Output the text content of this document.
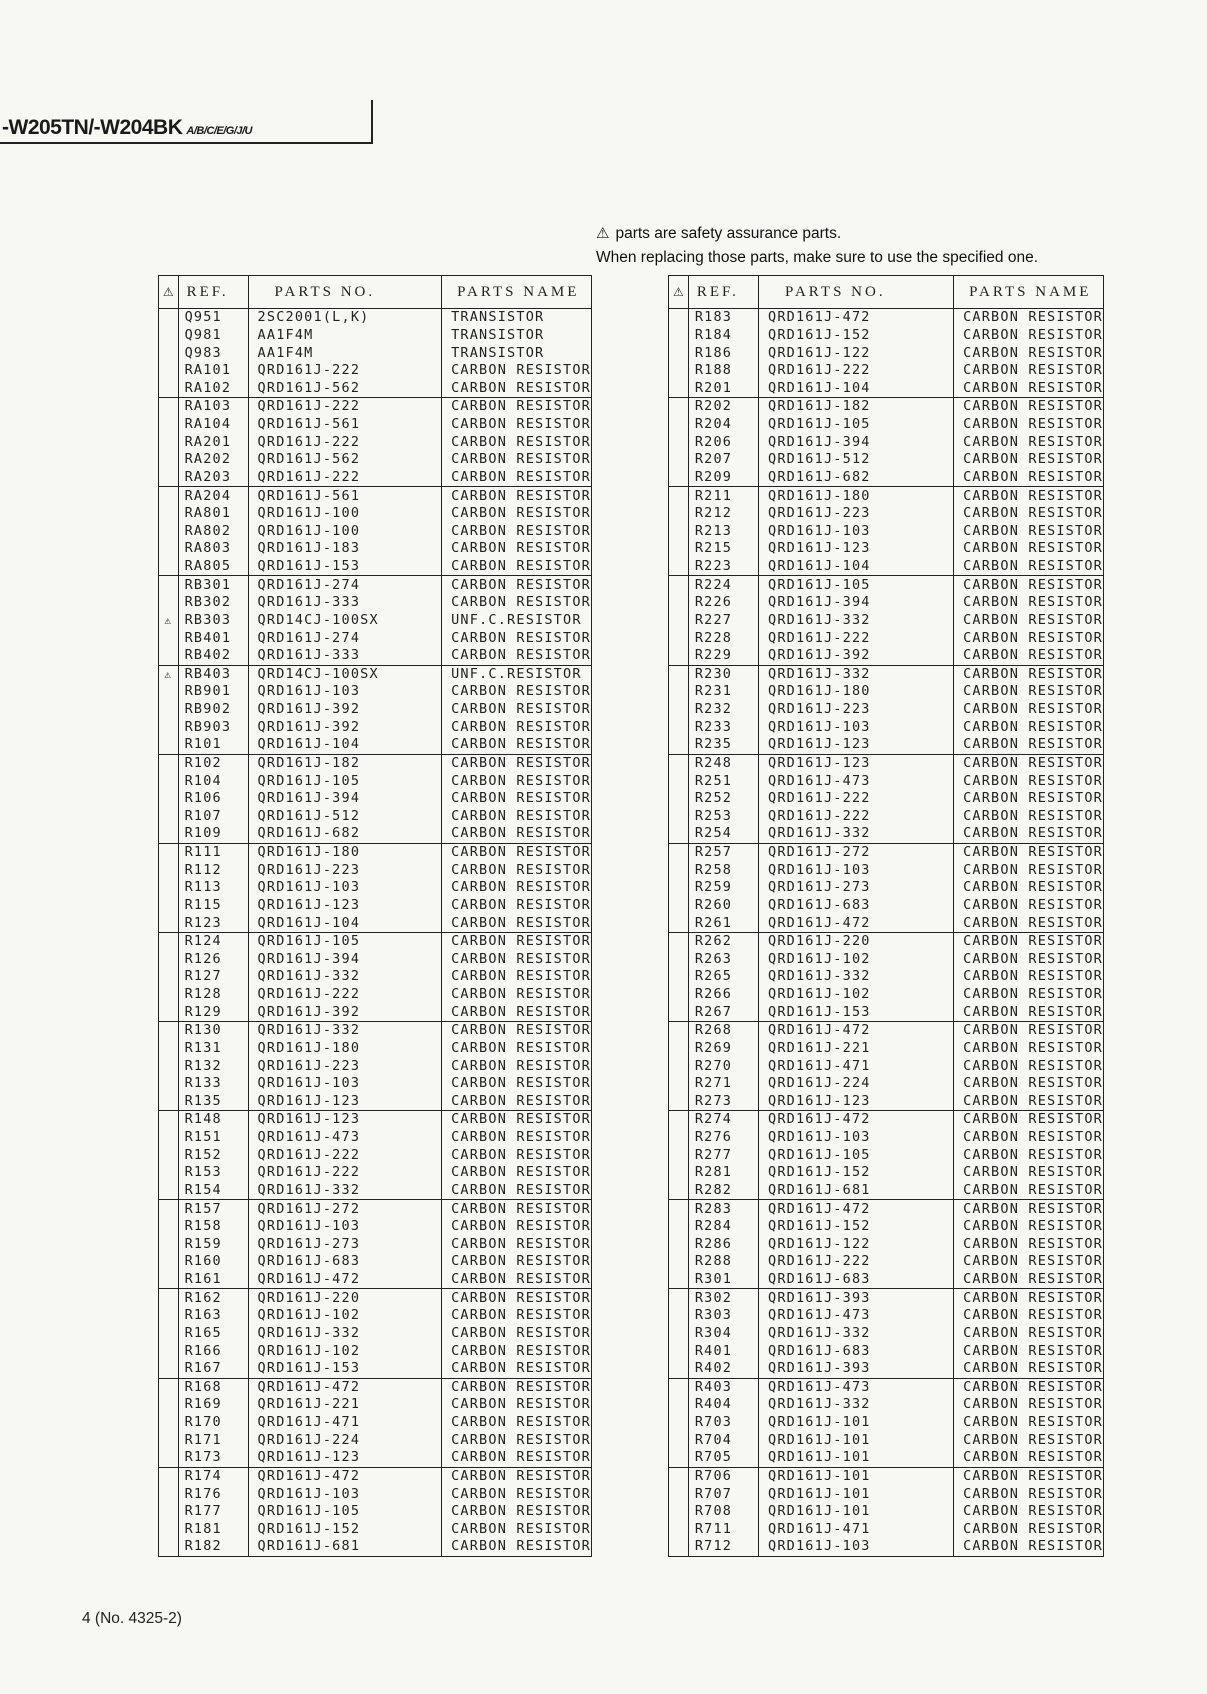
-W205TN/-W204BK A/B/C/E/G/J/U
⚠ parts are safety assurance parts.
When replacing those parts, make sure to use the specified one.
⚠	REF.	PARTS NO.	PARTS NAME
	Q951	2SC2001(L,K)	TRANSISTOR
	Q981	AA1F4M	TRANSISTOR
	Q983	AA1F4M	TRANSISTOR
	RA101	QRD161J-222	CARBON RESISTOR
	RA102	QRD161J-562	CARBON RESISTOR
	RA103	QRD161J-222	CARBON RESISTOR
	RA104	QRD161J-561	CARBON RESISTOR
	RA201	QRD161J-222	CARBON RESISTOR
	RA202	QRD161J-562	CARBON RESISTOR
	RA203	QRD161J-222	CARBON RESISTOR
	RA204	QRD161J-561	CARBON RESISTOR
	RA801	QRD161J-100	CARBON RESISTOR
	RA802	QRD161J-100	CARBON RESISTOR
	RA803	QRD161J-183	CARBON RESISTOR
	RA805	QRD161J-153	CARBON RESISTOR
	RB301	QRD161J-274	CARBON RESISTOR
	RB302	QRD161J-333	CARBON RESISTOR
⚠	RB303	QRD14CJ-100SX	UNF.C.RESISTOR
	RB401	QRD161J-274	CARBON RESISTOR
	RB402	QRD161J-333	CARBON RESISTOR
⚠	RB403	QRD14CJ-100SX	UNF.C.RESISTOR
	RB901	QRD161J-103	CARBON RESISTOR
	RB902	QRD161J-392	CARBON RESISTOR
	RB903	QRD161J-392	CARBON RESISTOR
	R101	QRD161J-104	CARBON RESISTOR
	R102	QRD161J-182	CARBON RESISTOR
	R104	QRD161J-105	CARBON RESISTOR
	R106	QRD161J-394	CARBON RESISTOR
	R107	QRD161J-512	CARBON RESISTOR
	R109	QRD161J-682	CARBON RESISTOR
	R111	QRD161J-180	CARBON RESISTOR
	R112	QRD161J-223	CARBON RESISTOR
	R113	QRD161J-103	CARBON RESISTOR
	R115	QRD161J-123	CARBON RESISTOR
	R123	QRD161J-104	CARBON RESISTOR
	R124	QRD161J-105	CARBON RESISTOR
	R126	QRD161J-394	CARBON RESISTOR
	R127	QRD161J-332	CARBON RESISTOR
	R128	QRD161J-222	CARBON RESISTOR
	R129	QRD161J-392	CARBON RESISTOR
	R130	QRD161J-332	CARBON RESISTOR
	R131	QRD161J-180	CARBON RESISTOR
	R132	QRD161J-223	CARBON RESISTOR
	R133	QRD161J-103	CARBON RESISTOR
	R135	QRD161J-123	CARBON RESISTOR
	R148	QRD161J-123	CARBON RESISTOR
	R151	QRD161J-473	CARBON RESISTOR
	R152	QRD161J-222	CARBON RESISTOR
	R153	QRD161J-222	CARBON RESISTOR
	R154	QRD161J-332	CARBON RESISTOR
	R157	QRD161J-272	CARBON RESISTOR
	R158	QRD161J-103	CARBON RESISTOR
	R159	QRD161J-273	CARBON RESISTOR
	R160	QRD161J-683	CARBON RESISTOR
	R161	QRD161J-472	CARBON RESISTOR
	R162	QRD161J-220	CARBON RESISTOR
	R163	QRD161J-102	CARBON RESISTOR
	R165	QRD161J-332	CARBON RESISTOR
	R166	QRD161J-102	CARBON RESISTOR
	R167	QRD161J-153	CARBON RESISTOR
	R168	QRD161J-472	CARBON RESISTOR
	R169	QRD161J-221	CARBON RESISTOR
	R170	QRD161J-471	CARBON RESISTOR
	R171	QRD161J-224	CARBON RESISTOR
	R173	QRD161J-123	CARBON RESISTOR
	R174	QRD161J-472	CARBON RESISTOR
	R176	QRD161J-103	CARBON RESISTOR
	R177	QRD161J-105	CARBON RESISTOR
	R181	QRD161J-152	CARBON RESISTOR
	R182	QRD161J-681	CARBON RESISTOR
⚠	REF.	PARTS NO.	PARTS NAME
	R183	QRD161J-472	CARBON RESISTOR
	R184	QRD161J-152	CARBON RESISTOR
	R186	QRD161J-122	CARBON RESISTOR
	R188	QRD161J-222	CARBON RESISTOR
	R201	QRD161J-104	CARBON RESISTOR
	R202	QRD161J-182	CARBON RESISTOR
	R204	QRD161J-105	CARBON RESISTOR
	R206	QRD161J-394	CARBON RESISTOR
	R207	QRD161J-512	CARBON RESISTOR
	R209	QRD161J-682	CARBON RESISTOR
	R211	QRD161J-180	CARBON RESISTOR
	R212	QRD161J-223	CARBON RESISTOR
	R213	QRD161J-103	CARBON RESISTOR
	R215	QRD161J-123	CARBON RESISTOR
	R223	QRD161J-104	CARBON RESISTOR
	R224	QRD161J-105	CARBON RESISTOR
	R226	QRD161J-394	CARBON RESISTOR
	R227	QRD161J-332	CARBON RESISTOR
	R228	QRD161J-222	CARBON RESISTOR
	R229	QRD161J-392	CARBON RESISTOR
	R230	QRD161J-332	CARBON RESISTOR
	R231	QRD161J-180	CARBON RESISTOR
	R232	QRD161J-223	CARBON RESISTOR
	R233	QRD161J-103	CARBON RESISTOR
	R235	QRD161J-123	CARBON RESISTOR
	R248	QRD161J-123	CARBON RESISTOR
	R251	QRD161J-473	CARBON RESISTOR
	R252	QRD161J-222	CARBON RESISTOR
	R253	QRD161J-222	CARBON RESISTOR
	R254	QRD161J-332	CARBON RESISTOR
	R257	QRD161J-272	CARBON RESISTOR
	R258	QRD161J-103	CARBON RESISTOR
	R259	QRD161J-273	CARBON RESISTOR
	R260	QRD161J-683	CARBON RESISTOR
	R261	QRD161J-472	CARBON RESISTOR
	R262	QRD161J-220	CARBON RESISTOR
	R263	QRD161J-102	CARBON RESISTOR
	R265	QRD161J-332	CARBON RESISTOR
	R266	QRD161J-102	CARBON RESISTOR
	R267	QRD161J-153	CARBON RESISTOR
	R268	QRD161J-472	CARBON RESISTOR
	R269	QRD161J-221	CARBON RESISTOR
	R270	QRD161J-471	CARBON RESISTOR
	R271	QRD161J-224	CARBON RESISTOR
	R273	QRD161J-123	CARBON RESISTOR
	R274	QRD161J-472	CARBON RESISTOR
	R276	QRD161J-103	CARBON RESISTOR
	R277	QRD161J-105	CARBON RESISTOR
	R281	QRD161J-152	CARBON RESISTOR
	R282	QRD161J-681	CARBON RESISTOR
	R283	QRD161J-472	CARBON RESISTOR
	R284	QRD161J-152	CARBON RESISTOR
	R286	QRD161J-122	CARBON RESISTOR
	R288	QRD161J-222	CARBON RESISTOR
	R301	QRD161J-683	CARBON RESISTOR
	R302	QRD161J-393	CARBON RESISTOR
	R303	QRD161J-473	CARBON RESISTOR
	R304	QRD161J-332	CARBON RESISTOR
	R401	QRD161J-683	CARBON RESISTOR
	R402	QRD161J-393	CARBON RESISTOR
	R403	QRD161J-473	CARBON RESISTOR
	R404	QRD161J-332	CARBON RESISTOR
	R703	QRD161J-101	CARBON RESISTOR
	R704	QRD161J-101	CARBON RESISTOR
	R705	QRD161J-101	CARBON RESISTOR
	R706	QRD161J-101	CARBON RESISTOR
	R707	QRD161J-101	CARBON RESISTOR
	R708	QRD161J-101	CARBON RESISTOR
	R711	QRD161J-471	CARBON RESISTOR
	R712	QRD161J-103	CARBON RESISTOR
4 (No. 4325-2)
